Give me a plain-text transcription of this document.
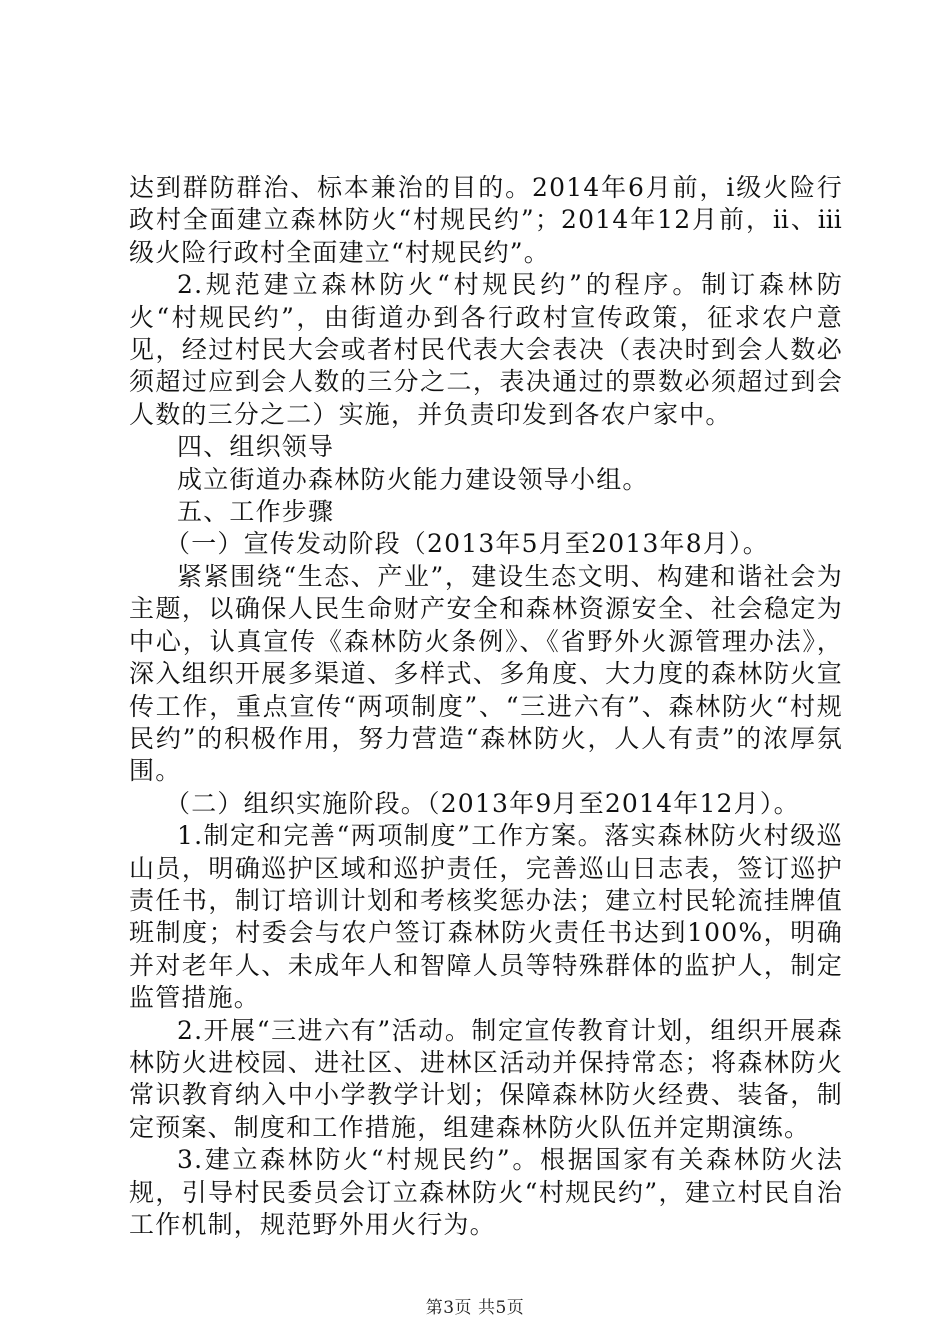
达到群防群治、标本兼治的目的。2014年6月前，ⅰ级火险行政村全面建立森林防火“村规民约”；2014年12月前，ⅱ、ⅲ级火险行政村全面建立“村规民约”。

2.规范建立森林防火“村规民约”的程序。制订森林防火“村规民约”，由街道办到各行政村宣传政策，征求农户意见，经过村民大会或者村民代表大会表决（表决时到会人数必须超过应到会人数的三分之二，表决通过的票数必须超过到会人数的三分之二）实施，并负责印发到各农户家中。

四、组织领导

成立街道办森林防火能力建设领导小组。

五、工作步骤

（一）宣传发动阶段（2013年5月至2013年8月）。

紧紧围绕“生态、产业”，建设生态文明、构建和谐社会为主题，以确保人民生命财产安全和森林资源安全、社会稳定为中心，认真宣传《森林防火条例》、《省野外火源管理办法》，深入组织开展多渠道、多样式、多角度、大力度的森林防火宣传工作，重点宣传“两项制度”、“三进六有”、森林防火“村规民约”的积极作用，努力营造“森林防火，人人有责”的浓厚氛围。

（二）组织实施阶段。（2013年9月至2014年12月）。

1.制定和完善“两项制度”工作方案。落实森林防火村级巡山员，明确巡护区域和巡护责任，完善巡山日志表，签订巡护责任书，制订培训计划和考核奖惩办法；建立村民轮流挂牌值班制度；村委会与农户签订森林防火责任书达到100%，明确并对老年人、未成年人和智障人员等特殊群体的监护人，制定监管措施。

2.开展“三进六有”活动。制定宣传教育计划，组织开展森林防火进校园、进社区、进林区活动并保持常态；将森林防火常识教育纳入中小学教学计划；保障森林防火经费、装备，制定预案、制度和工作措施，组建森林防火队伍并定期演练。

3.建立森林防火“村规民约”。根据国家有关森林防火法规，引导村民委员会订立森林防火“村规民约”，建立村民自治工作机制，规范野外用火行为。

第3页 共5页
